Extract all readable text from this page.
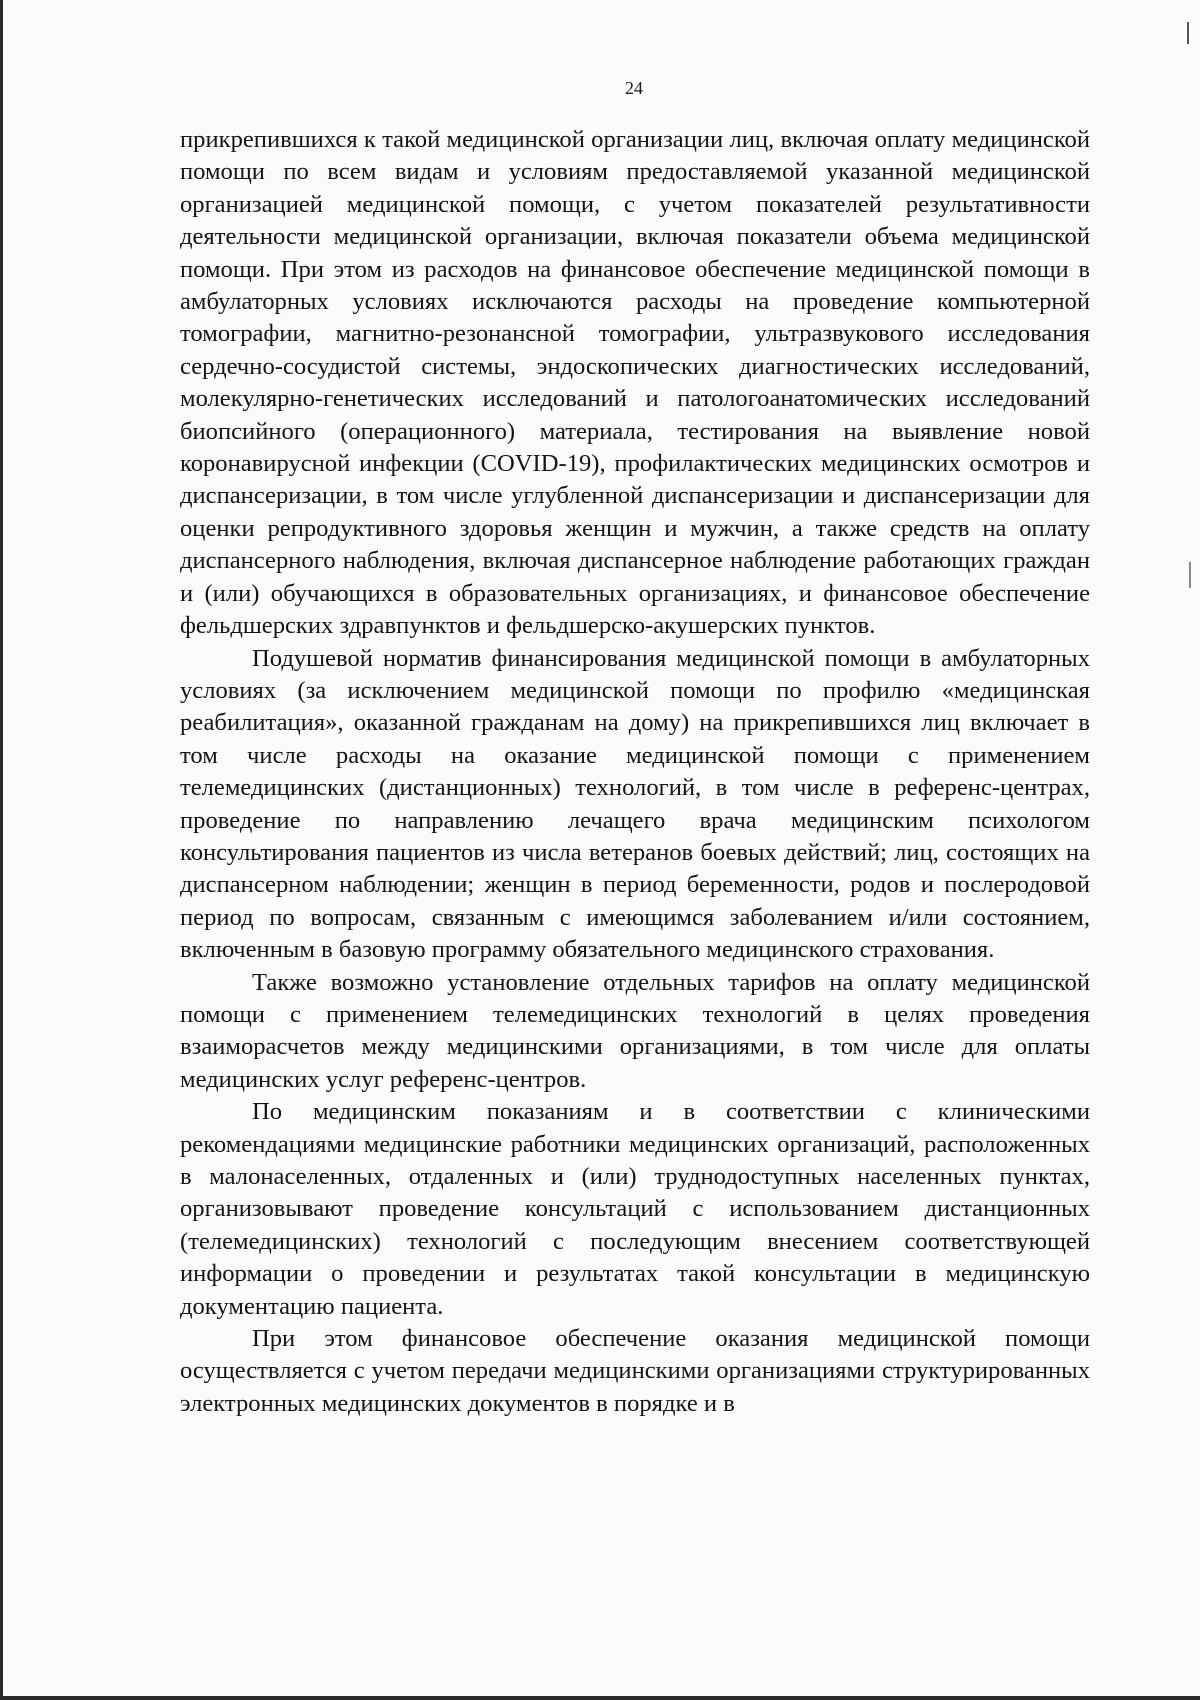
24

прикрепившихся к такой медицинской организации лиц, включая оплату медицинской помощи по всем видам и условиям предоставляемой указанной медицинской организацией медицинской помощи, с учетом показателей результативности деятельности медицинской организации, включая показатели объема медицинской помощи. При этом из расходов на финансовое обеспечение медицинской помощи в амбулаторных условиях исключаются расходы на проведение компьютерной томографии, магнитно-резонансной томографии, ультразвукового исследования сердечно-сосудистой системы, эндоскопических диагностических исследований, молекулярно-генетических исследований и патологоанатомических исследований биопсийного (операционного) материала, тестирования на выявление новой коронавирусной инфекции (COVID-19), профилактических медицинских осмотров и диспансеризации, в том числе углубленной диспансеризации и диспансеризации для оценки репродуктивного здоровья женщин и мужчин, а также средств на оплату диспансерного наблюдения, включая диспансерное наблюдение работающих граждан и (или) обучающихся в образовательных организациях, и финансовое обеспечение фельдшерских здравпунктов и фельдшерско-акушерских пунктов.

Подушевой норматив финансирования медицинской помощи в амбулаторных условиях (за исключением медицинской помощи по профилю «медицинская реабилитация», оказанной гражданам на дому) на прикрепившихся лиц включает в том числе расходы на оказание медицинской помощи с применением телемедицинских (дистанционных) технологий, в том числе в референс-центрах, проведение по направлению лечащего врача медицинским психологом консультирования пациентов из числа ветеранов боевых действий; лиц, состоящих на диспансерном наблюдении; женщин в период беременности, родов и послеродовой период по вопросам, связанным с имеющимся заболеванием и/или состоянием, включенным в базовую программу обязательного медицинского страхования.

Также возможно установление отдельных тарифов на оплату медицинской помощи с применением телемедицинских технологий в целях проведения взаиморасчетов между медицинскими организациями, в том числе для оплаты медицинских услуг референс-центров.

По медицинским показаниям и в соответствии с клиническими рекомендациями медицинские работники медицинских организаций, расположенных в малонаселенных, отдаленных и (или) труднодоступных населенных пунктах, организовывают проведение консультаций с использованием дистанционных (телемедицинских) технологий с последующим внесением соответствующей информации о проведении и результатах такой консультации в медицинскую документацию пациента.

При этом финансовое обеспечение оказания медицинской помощи осуществляется с учетом передачи медицинскими организациями структурированных электронных медицинских документов в порядке и в
